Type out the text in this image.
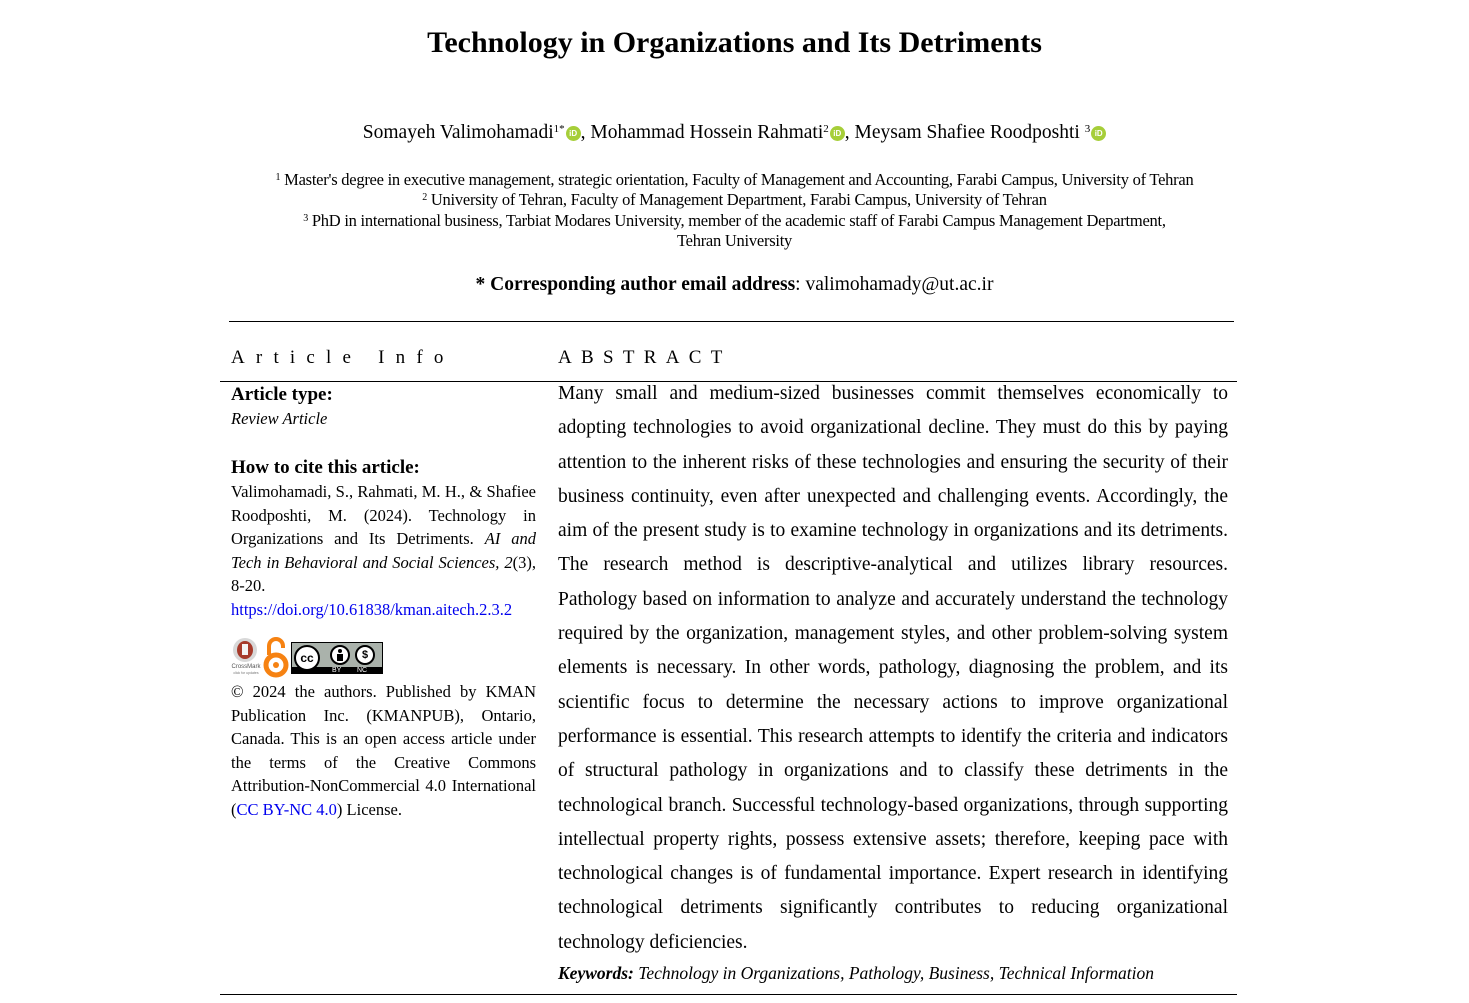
Technology in Organizations and Its Detriments
Somayeh Valimohamadi$^{1*}$ iD , Mohammad Hossein Rahmati$^2$ iD , Meysam Shafiee Roodposhti $^3$ iD
$^1$ Master's degree in executive management, strategic orientation, Faculty of Management and Accounting, Farabi Campus, University of Tehran
$^2$ University of Tehran, Faculty of Management Department, Farabi Campus, University of Tehran
$^3$ PhD in international business, Tarbiat Modares University, member of the academic staff of Farabi Campus Management Department,
Tehran University
* Corresponding author email address: valimohamady@ut.ac.ir
Article Info	ABSTRACT
Article type:
Review Article
How to cite this article:
Valimohamadi, S., Rahmati, M. H., & Shafiee Roodposhti, M. (2024). Technology in Organizations and Its Detriments. AI and Tech in Behavioral and Social Sciences, 2(3), 8-20.
https://doi.org/10.61838/kman.aitech.2.3.2
CrossMark
click for updates
cc	$
BY NC
© 2024 the authors. Published by KMAN Publication Inc. (KMANPUB), Ontario, Canada. This is an open access article under the terms of the Creative Commons Attribution-NonCommercial 4.0 International (CC BY-NC 4.0) License.
Many small and medium-sized businesses commit themselves economically to adopting technologies to avoid organizational decline. They must do this by paying attention to the inherent risks of these technologies and ensuring the security of their business continuity, even after unexpected and challenging events. Accordingly, the aim of the present study is to examine technology in organizations and its detriments. The research method is descriptive-analytical and utilizes library resources. Pathology based on information to analyze and accurately understand the technology required by the organization, management styles, and other problem-solving system elements is necessary. In other words, pathology, diagnosing the problem, and its scientific focus to determine the necessary actions to improve organizational performance is essential. This research attempts to identify the criteria and indicators of structural pathology in organizations and to classify these detriments in the technological branch. Successful technology-based organizations, through supporting intellectual property rights, possess extensive assets; therefore, keeping pace with technological changes is of fundamental importance. Expert research in identifying technological detriments significantly contributes to reducing organizational technology deficiencies.
Keywords: Technology in Organizations, Pathology, Business, Technical Information
